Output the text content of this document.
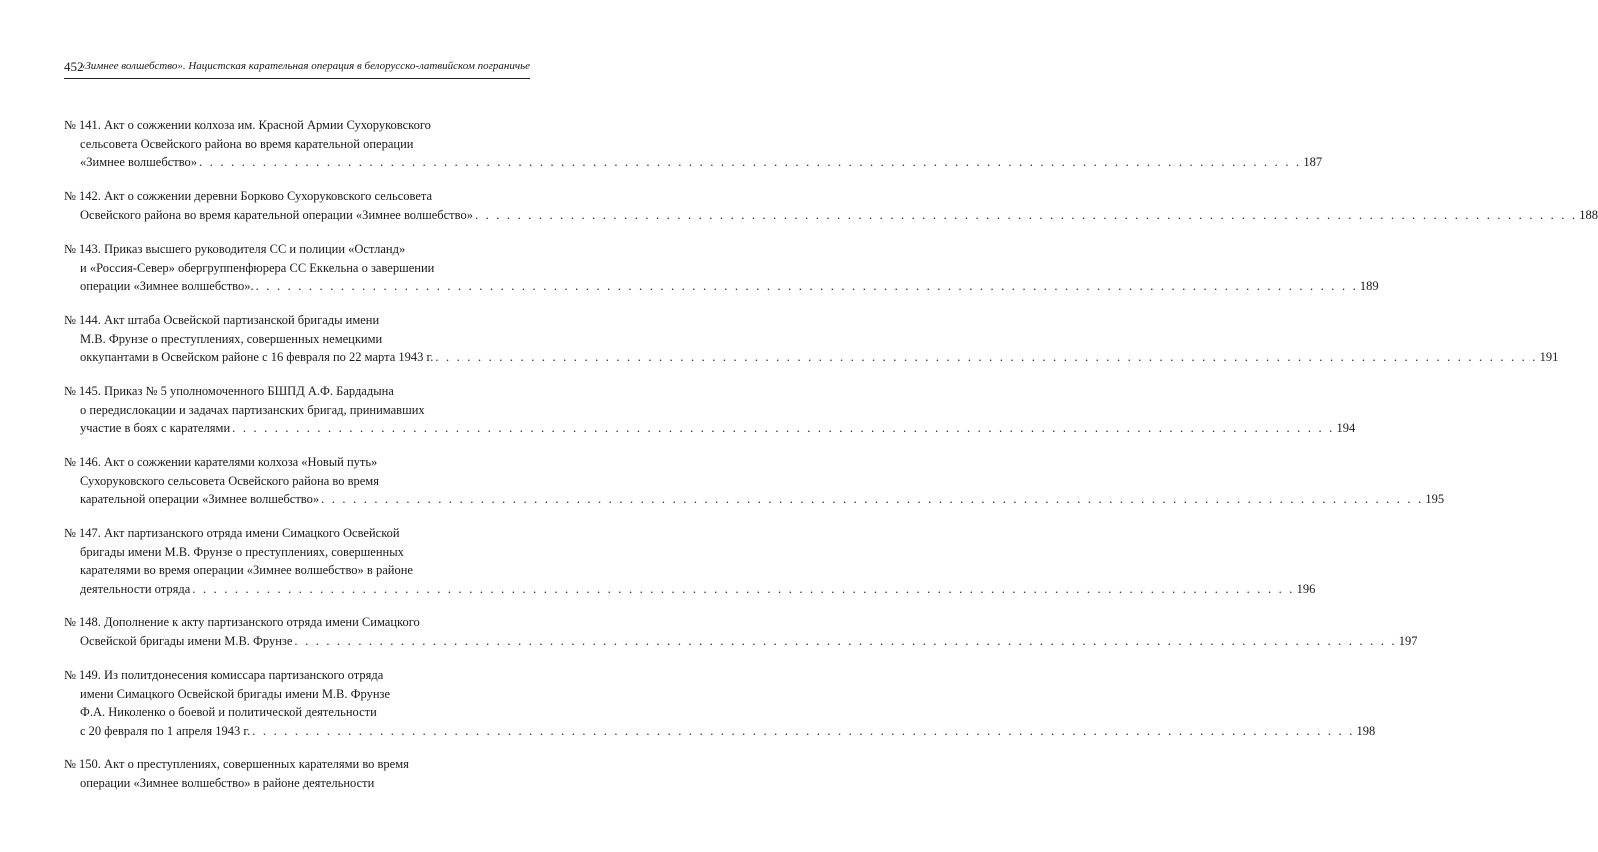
452
«Зимнее волшебство». Нацистская карательная операция в белорусско-латвийском пограничье
№ 141. Акт о сожжении колхоза им. Красной Армии Сухоруковского
сельсовета Освейского района во время карательной операции
«Зимнее волшебство» . . . . . . . . . . . . . . . . . . . . . . . . . . . . . . . . . . . . . . . . . . . . . . . . . . . . . . . . . . . . . . . . . . . . . . . . . . . . . . . . . . . . . . . . . . . . . . . . . . . . . . . . 187
№ 142. Акт о сожжении деревни Борково Сухоруковского сельсовета
Освейского района во время карательной операции «Зимнее волшебство» . . . . . . . . . . . . . . . . . . . . . . . . . . . . . . . . . . . . . . . . . . . . . . . . . . . . . . . . . . . . . . . . . . . . . . . . . . . . . . . . . . . . . . . . . . . . . . . . . . . . . . . . 188
№ 143. Приказ высшего руководителя СС и полиции «Остланд»
и «Россия-Север» обергруппенфюрера СС Еккельна о завершении
операции «Зимнее волшебство». . . . . . . . . . . . . . . . . . . . . . . . . . . . . . . . . . . . . . . . . . . . . . . . . . . . . . . . . . . . . . . . . . . . . . . . . . . . . . . . . . . . . . . . . . . . . . . . . . . . . . . . . 189
№ 144. Акт штаба Освейской партизанской бригады имени
М.В. Фрунзе о преступлениях, совершенных немецкими
оккупантами в Освейском районе с 16 февраля по 22 марта 1943 г. . . . . . . . . . . . . . . . . . . . . . . . . . . . . . . . . . . . . . . . . . . . . . . . . . . . . . . . . . . . . . . . . . . . . . . . . . . . . . . . . . . . . . . . . . . . . . . . . . . . . . . . . 191
№ 145. Приказ № 5 уполномоченного БШПД А.Ф. Бардадына
о передислокации и задачах партизанских бригад, принимавших
участие в боях с карателями . . . . . . . . . . . . . . . . . . . . . . . . . . . . . . . . . . . . . . . . . . . . . . . . . . . . . . . . . . . . . . . . . . . . . . . . . . . . . . . . . . . . . . . . . . . . . . . . . . . . . . . . 194
№ 146. Акт о сожжении карателями колхоза «Новый путь»
Сухоруковского сельсовета Освейского района во время
карательной операции «Зимнее волшебство» . . . . . . . . . . . . . . . . . . . . . . . . . . . . . . . . . . . . . . . . . . . . . . . . . . . . . . . . . . . . . . . . . . . . . . . . . . . . . . . . . . . . . . . . . . . . . . . . . . . . . . . . 195
№ 147. Акт партизанского отряда имени Симацкого Освейской
бригады имени М.В. Фрунзе о преступлениях, совершенных
карателями во время операции «Зимнее волшебство» в районе
деятельности отряда . . . . . . . . . . . . . . . . . . . . . . . . . . . . . . . . . . . . . . . . . . . . . . . . . . . . . . . . . . . . . . . . . . . . . . . . . . . . . . . . . . . . . . . . . . . . . . . . . . . . . . . . 196
№ 148. Дополнение к акту партизанского отряда имени Симацкого
Освейской бригады имени М.В. Фрунзе . . . . . . . . . . . . . . . . . . . . . . . . . . . . . . . . . . . . . . . . . . . . . . . . . . . . . . . . . . . . . . . . . . . . . . . . . . . . . . . . . . . . . . . . . . . . . . . . . . . . . . . . 197
№ 149. Из политдонесения комиссара партизанского отряда
имени Симацкого Освейской бригады имени М.В. Фрунзе
Ф.А. Николенко о боевой и политической деятельности
с 20 февраля по 1 апреля 1943 г. . . . . . . . . . . . . . . . . . . . . . . . . . . . . . . . . . . . . . . . . . . . . . . . . . . . . . . . . . . . . . . . . . . . . . . . . . . . . . . . . . . . . . . . . . . . . . . . . . . . . . . . . 198
№ 150. Акт о преступлениях, совершенных карателями во время
операции «Зимнее волшебство» в районе деятельности
